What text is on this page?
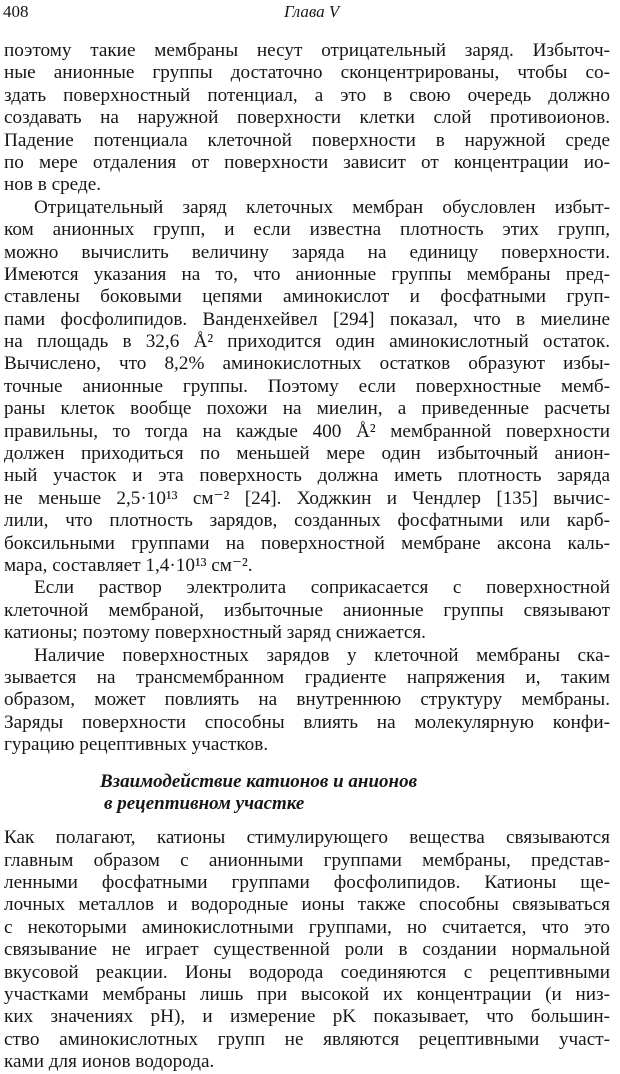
408	Глава V

поэтому такие мембраны несут отрицательный заряд. Избыточ-
ные анионные группы достаточно сконцентрированы, чтобы со-
здать поверхностный потенциал, а это в свою очередь должно
создавать на наружной поверхности клетки слой противоионов.
Падение потенциала клеточной поверхности в наружной среде
по мере отдаления от поверхности зависит от концентрации ио-
нов в среде.

Отрицательный заряд клеточных мембран обусловлен избыт-
ком анионных групп, и если известна плотность этих групп,
можно вычислить величину заряда на единицу поверхности.
Имеются указания на то, что анионные группы мембраны пред-
ставлены боковыми цепями аминокислот и фосфатными груп-
пами фосфолипидов. Ванденхейвел [294] показал, что в миелине
на площадь в 32,6 Å² приходится один аминокислотный остаток.
Вычислено, что 8,2% аминокислотных остатков образуют избы-
точные анионные группы. Поэтому если поверхностные мемб-
раны клеток вообще похожи на миелин, а приведенные расчеты
правильны, то тогда на каждые 400 Å² мембранной поверхности
должен приходиться по меньшей мере один избыточный анион-
ный участок и эта поверхность должна иметь плотность заряда
не меньше 2,5·10¹³ см⁻² [24]. Ходжкин и Чендлер [135] вычис-
лили, что плотность зарядов, созданных фосфатными или карб-
боксильными группами на поверхностной мембране аксона каль-
мара, составляет 1,4·10¹³ см⁻².

Если раствор электролита соприкасается с поверхностной
клеточной мембраной, избыточные анионные группы связывают
катионы; поэтому поверхностный заряд снижается.

Наличие поверхностных зарядов у клеточной мембраны ска-
зывается на трансмембранном градиенте напряжения и, таким
образом, может повлиять на внутреннюю структуру мембраны.
Заряды поверхности способны влиять на молекулярную конфи-
гурацию рецептивных участков.

Взаимодействие катионов и анионов
в рецептивном участке

Как полагают, катионы стимулирующего вещества связываются
главным образом с анионными группами мембраны, представ-
ленными фосфатными группами фосфолипидов. Катионы ще-
лочных металлов и водородные ионы также способны связываться
с некоторыми аминокислотными группами, но считается, что это
связывание не играет существенной роли в создании нормальной
вкусовой реакции. Ионы водорода соединяются с рецептивными
участками мембраны лишь при высокой их концентрации (и низ-
ких значениях pH), и измерение pK показывает, что большин-
ство аминокислотных групп не являются рецептивными участ-
ками для ионов водорода.
